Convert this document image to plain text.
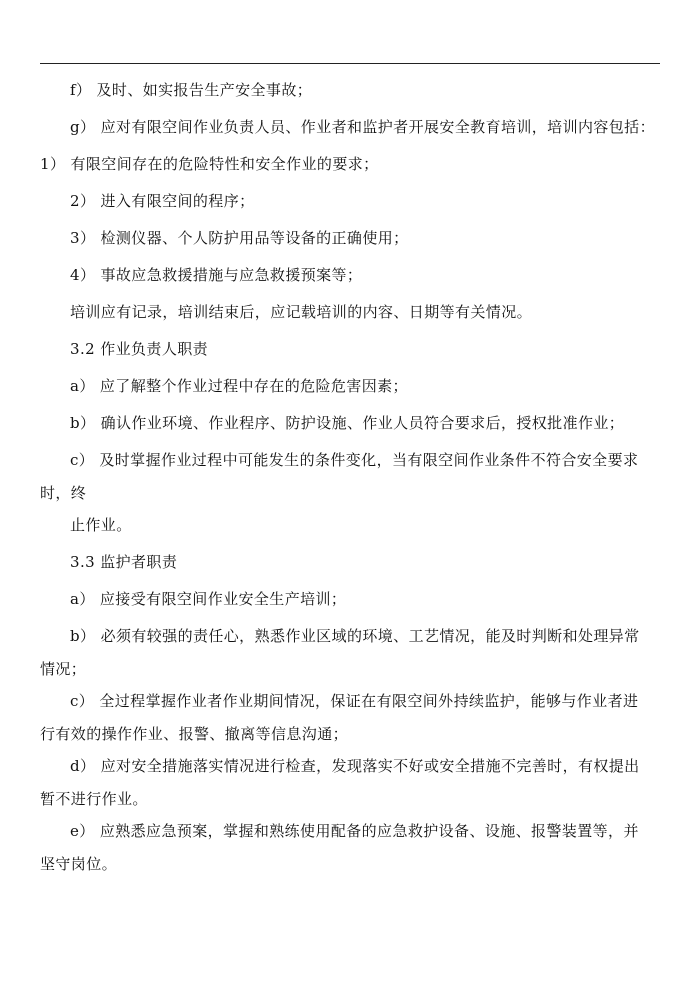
f） 及时、如实报告生产安全事故；
g） 应对有限空间作业负责人员、作业者和监护者开展安全教育培训，培训内容包括：
1） 有限空间存在的危险特性和安全作业的要求；
2） 进入有限空间的程序；
3） 检测仪器、个人防护用品等设备的正确使用；
4） 事故应急救援措施与应急救援预案等；
培训应有记录，培训结束后，应记载培训的内容、日期等有关情况。
3.2 作业负责人职责
a） 应了解整个作业过程中存在的危险危害因素；
b） 确认作业环境、作业程序、防护设施、作业人员符合要求后，授权批准作业；
c） 及时掌握作业过程中可能发生的条件变化，当有限空间作业条件不符合安全要求
时，终
止作业。
3.3 监护者职责
a） 应接受有限空间作业安全生产培训；
b） 必须有较强的责任心，熟悉作业区域的环境、工艺情况，能及时判断和处理异常
情况；
c） 全过程掌握作业者作业期间情况，保证在有限空间外持续监护，能够与作业者进
行有效的操作作业、报警、撤离等信息沟通；
d） 应对安全措施落实情况进行检查，发现落实不好或安全措施不完善时，有权提出
暂不进行作业。
e） 应熟悉应急预案，掌握和熟练使用配备的应急救护设备、设施、报警装置等，并
坚守岗位。
